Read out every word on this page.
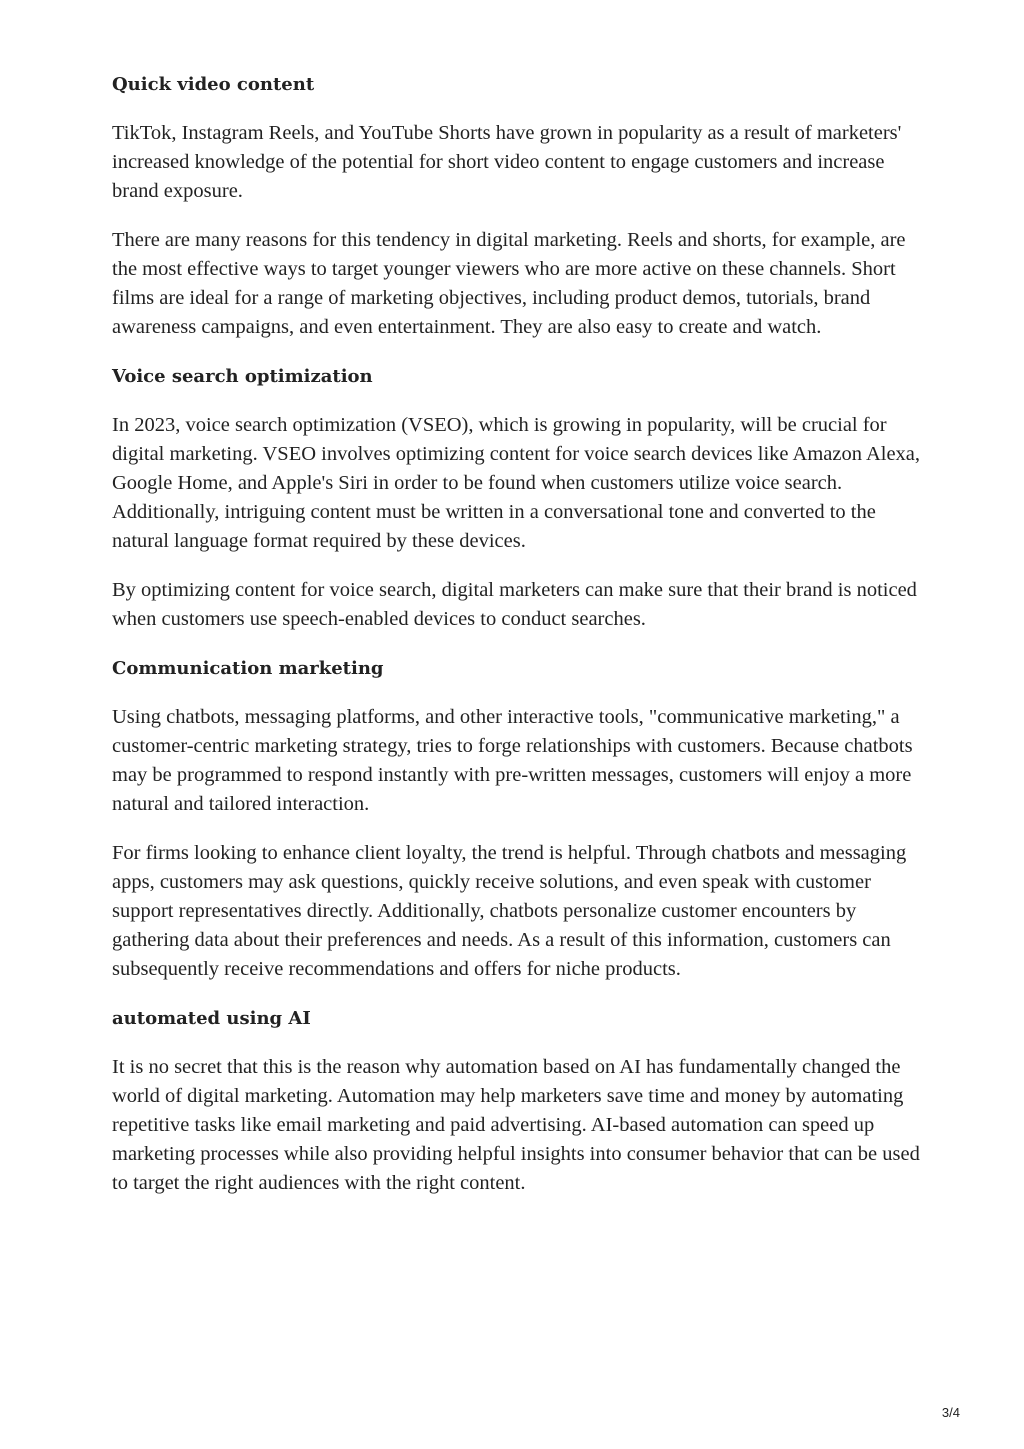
Quick video content

TikTok, Instagram Reels, and YouTube Shorts have grown in popularity as a result of marketers' increased knowledge of the potential for short video content to engage customers and increase brand exposure.

There are many reasons for this tendency in digital marketing. Reels and shorts, for example, are the most effective ways to target younger viewers who are more active on these channels. Short films are ideal for a range of marketing objectives, including product demos, tutorials, brand awareness campaigns, and even entertainment. They are also easy to create and watch.

Voice search optimization

In 2023, voice search optimization (VSEO), which is growing in popularity, will be crucial for digital marketing. VSEO involves optimizing content for voice search devices like Amazon Alexa, Google Home, and Apple's Siri in order to be found when customers utilize voice search. Additionally, intriguing content must be written in a conversational tone and converted to the natural language format required by these devices.

By optimizing content for voice search, digital marketers can make sure that their brand is noticed when customers use speech-enabled devices to conduct searches.

Communication marketing

Using chatbots, messaging platforms, and other interactive tools, "communicative marketing," a customer-centric marketing strategy, tries to forge relationships with customers. Because chatbots may be programmed to respond instantly with pre-written messages, customers will enjoy a more natural and tailored interaction.

For firms looking to enhance client loyalty, the trend is helpful. Through chatbots and messaging apps, customers may ask questions, quickly receive solutions, and even speak with customer support representatives directly. Additionally, chatbots personalize customer encounters by gathering data about their preferences and needs. As a result of this information, customers can subsequently receive recommendations and offers for niche products.

automated using AI

It is no secret that this is the reason why automation based on AI has fundamentally changed the world of digital marketing. Automation may help marketers save time and money by automating repetitive tasks like email marketing and paid advertising. AI-based automation can speed up marketing processes while also providing helpful insights into consumer behavior that can be used to target the right audiences with the right content.

3/4
